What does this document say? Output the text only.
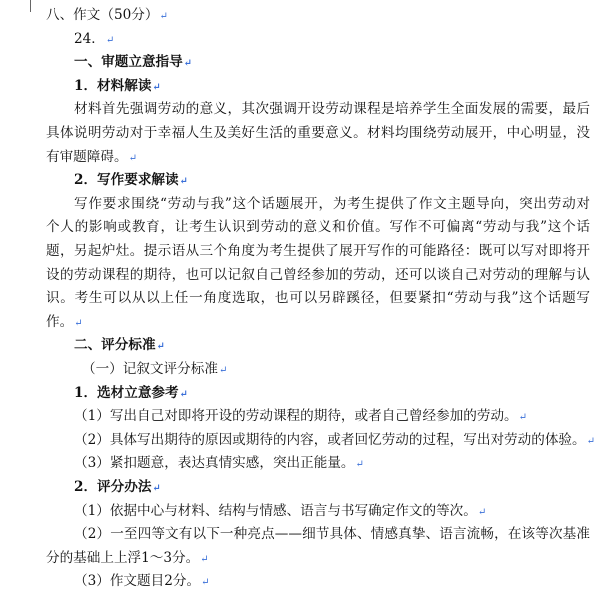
八、作文（50分）↵
24．↵
一、审题立意指导↵
1．材料解读↵
材料首先强调劳动的意义，其次强调开设劳动课程是培养学生全面发展的需要，最后
具体说明劳动对于幸福人生及美好生活的重要意义。材料均围绕劳动展开，中心明显，没
有审题障碍。↵
2．写作要求解读↵
写作要求围绕“劳动与我”这个话题展开，为考生提供了作文主题导向，突出劳动对
个人的影响或教育，让考生认识到劳动的意义和价值。写作不可偏离“劳动与我”这个话
题，另起炉灶。提示语从三个角度为考生提供了展开写作的可能路径：既可以写对即将开
设的劳动课程的期待，也可以记叙自己曾经参加的劳动，还可以谈自己对劳动的理解与认
识。考生可以从以上任一角度选取，也可以另辟蹊径，但要紧扣“劳动与我”这个话题写
作。↵
二、评分标准↵
（一）记叙文评分标准↵
1．选材立意参考↵
（1）写出自己对即将开设的劳动课程的期待，或者自己曾经参加的劳动。↵
（2）具体写出期待的原因或期待的内容，或者回忆劳动的过程，写出对劳动的体验。↵
（3）紧扣题意，表达真情实感，突出正能量。↵
2．评分办法↵
（1）依据中心与材料、结构与情感、语言与书写确定作文的等次。↵
（2）一至四等文有以下一种亮点——细节具体、情感真挚、语言流畅，在该等次基准
分的基础上上浮1～3分。↵
（3）作文题目2分。↵
